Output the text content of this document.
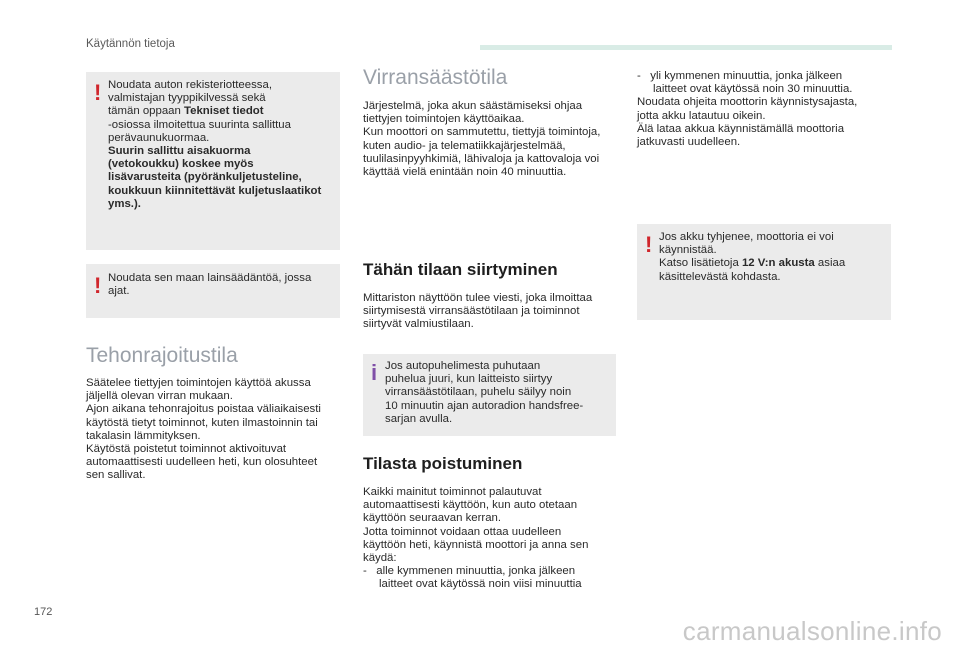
Käytännön tietoja
! Noudata auton rekisteriotteessa,
valmistajan tyyppikilvessä sekä
tämän oppaan Tekniset tiedot
-osiossa ilmoitettua suurinta sallittua
perävaunukuormaa.
Suurin sallittu aisakuorma
(vetokoukku) koskee myös
lisävarusteita (pyöränkuljetusteline,
koukkuun kiinnitettävät kuljetuslaatikot
yms.).
! Noudata sen maan lainsäädäntöä, jossa
ajat.
Tehonrajoitustila
Säätelee tiettyjen toimintojen käyttöä akussa
jäljellä olevan virran mukaan.
Ajon aikana tehonrajoitus poistaa väliaikaisesti
käytöstä tietyt toiminnot, kuten ilmastoinnin tai
takalasin lämmityksen.
Käytöstä poistetut toiminnot aktivoituvat
automaattisesti uudelleen heti, kun olosuhteet
sen sallivat.
Virransäästötila
Järjestelmä, joka akun säästämiseksi ohjaa
tiettyjen toimintojen käyttöaikaa.
Kun moottori on sammutettu, tiettyjä toimintoja,
kuten audio- ja telematiikkajärjestelmää,
tuulilasinpyyhkimiä, lähivaloja ja kattovaloja voi
käyttää vielä enintään noin 40 minuuttia.
Tähän tilaan siirtyminen
Mittariston näyttöön tulee viesti, joka ilmoittaa
siirtymisestä virransäästötilaan ja toiminnot
siirtyvät valmiustilaan.
i Jos autopuhelimesta puhutaan
puhelua juuri, kun laitteisto siirtyy
virransäästötilaan, puhelu säilyy noin
10 minuutin ajan autoradion handsfree-
sarjan avulla.
Tilasta poistuminen
Kaikki mainitut toiminnot palautuvat
automaattisesti käyttöön, kun auto otetaan
käyttöön seuraavan kerran.
Jotta toiminnot voidaan ottaa uudelleen
käyttöön heti, käynnistä moottori ja anna sen
käydä:
-   alle kymmenen minuuttia, jonka jälkeen
laitteet ovat käytössä noin viisi minuuttia
-   yli kymmenen minuuttia, jonka jälkeen
laitteet ovat käytössä noin 30 minuuttia.
Noudata ohjeita moottorin käynnistysajasta,
jotta akku latautuu oikein.
Älä lataa akkua käynnistämällä moottoria
jatkuvasti uudelleen.
! Jos akku tyhjenee, moottoria ei voi
käynnistää.
Katso lisätietoja 12 V:n akusta asiaa
käsittelevästä kohdasta.
172
carmanualsonline.info
